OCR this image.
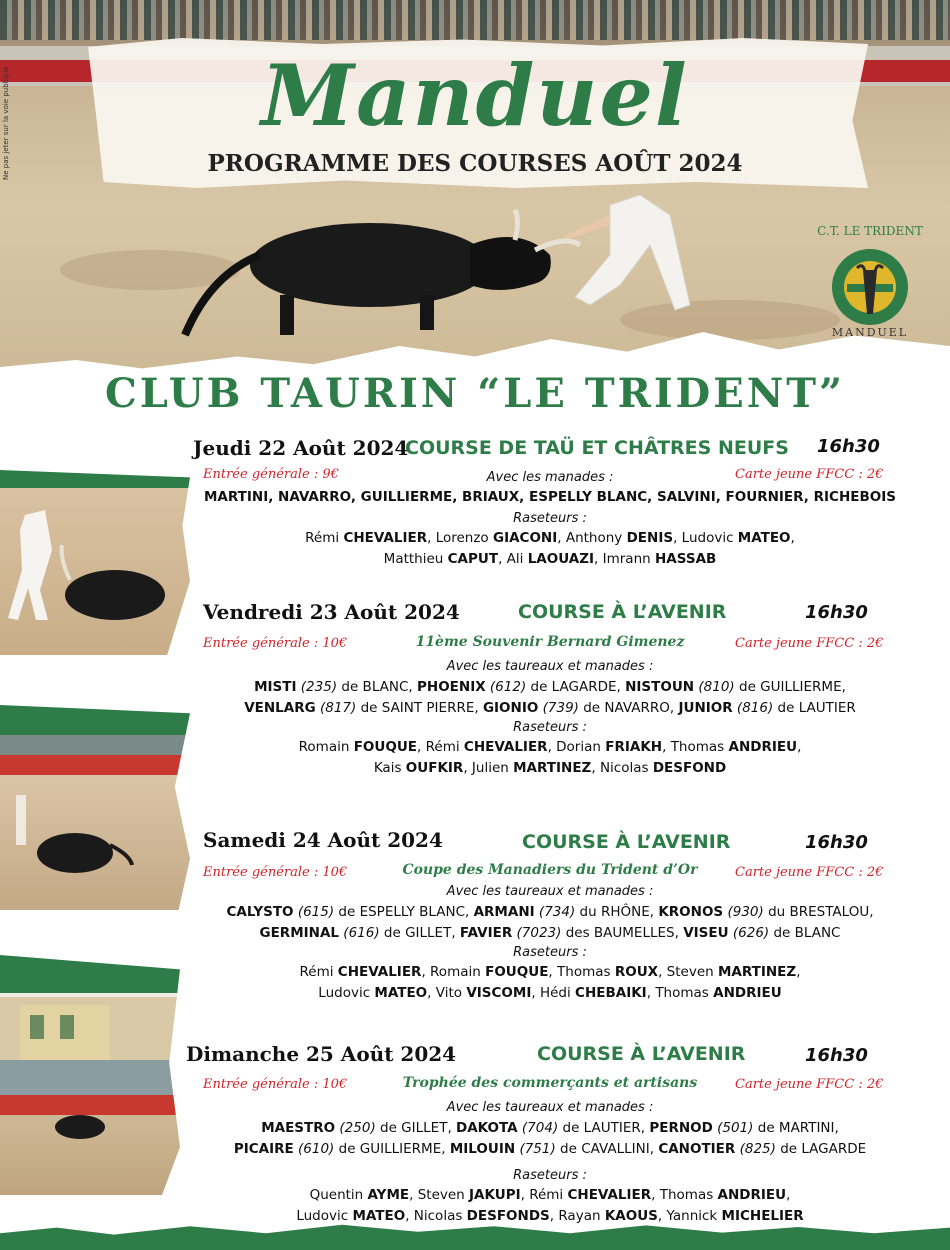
Manduel
PROGRAMME DES COURSES AOÛT 2024
Ne pas jeter sur la voie publique
C.T. LE TRIDENT
MANDUEL
CLUB TAURIN “LE TRIDENT”
Jeudi 22 Août 2024
COURSE DE TAÜ ET CHÂTRES NEUFS 16h30
Entrée générale : 9€	Carte jeune FFCC : 2€
Avec les manades :
MARTINI, NAVARRO, GUILLIERME, BRIAUX, ESPELLY BLANC, SALVINI, FOURNIER, RICHEBOIS
Raseteurs :
Rémi CHEVALIER, Lorenzo GIACONI, Anthony DENIS, Ludovic MATEO,
Matthieu CAPUT, Ali LAOUAZI, Imrann HASSAB
Vendredi 23 Août 2024	COURSE À L’AVENIR	16h30
Entrée générale : 10€	Carte jeune FFCC : 2€
11ème Souvenir Bernard Gimenez
Avec les taureaux et manades :
MISTI (235) de BLANC, PHOENIX (612) de LAGARDE, NISTOUN (810) de GUILLIERME,
VENLARG (817) de SAINT PIERRE, GIONIO (739) de NAVARRO, JUNIOR (816) de LAUTIER
Raseteurs :
Romain FOUQUE, Rémi CHEVALIER, Dorian FRIAKH, Thomas ANDRIEU,
Kais OUFKIR, Julien MARTINEZ, Nicolas DESFOND
Samedi 24 Août 2024	COURSE À L’AVENIR	16h30
Entrée générale : 10€	Carte jeune FFCC : 2€
Coupe des Manadiers du Trident d’Or
Avec les taureaux et manades :
CALYSTO (615) de ESPELLY BLANC, ARMANI (734) du RHÔNE, KRONOS (930) du BRESTALOU,
GERMINAL (616) de GILLET, FAVIER (7023) des BAUMELLES, VISEU (626) de BLANC
Raseteurs :
Rémi CHEVALIER, Romain FOUQUE, Thomas ROUX, Steven MARTINEZ,
Ludovic MATEO, Vito VISCOMI, Hédi CHEBAIKI, Thomas ANDRIEU
Dimanche 25 Août 2024	COURSE À L’AVENIR	16h30
Entrée générale : 10€	Carte jeune FFCC : 2€
Trophée des commerçants et artisans
Avec les taureaux et manades :
MAESTRO (250) de GILLET, DAKOTA (704) de LAUTIER, PERNOD (501) de MARTINI,
PICAIRE (610) de GUILLIERME, MILOUIN (751) de CAVALLINI, CANOTIER (825) de LAGARDE
Raseteurs :
Quentin AYME, Steven JAKUPI, Rémi CHEVALIER, Thomas ANDRIEU,
Ludovic MATEO, Nicolas DESFONDS, Rayan KAOUS, Yannick MICHELIER
